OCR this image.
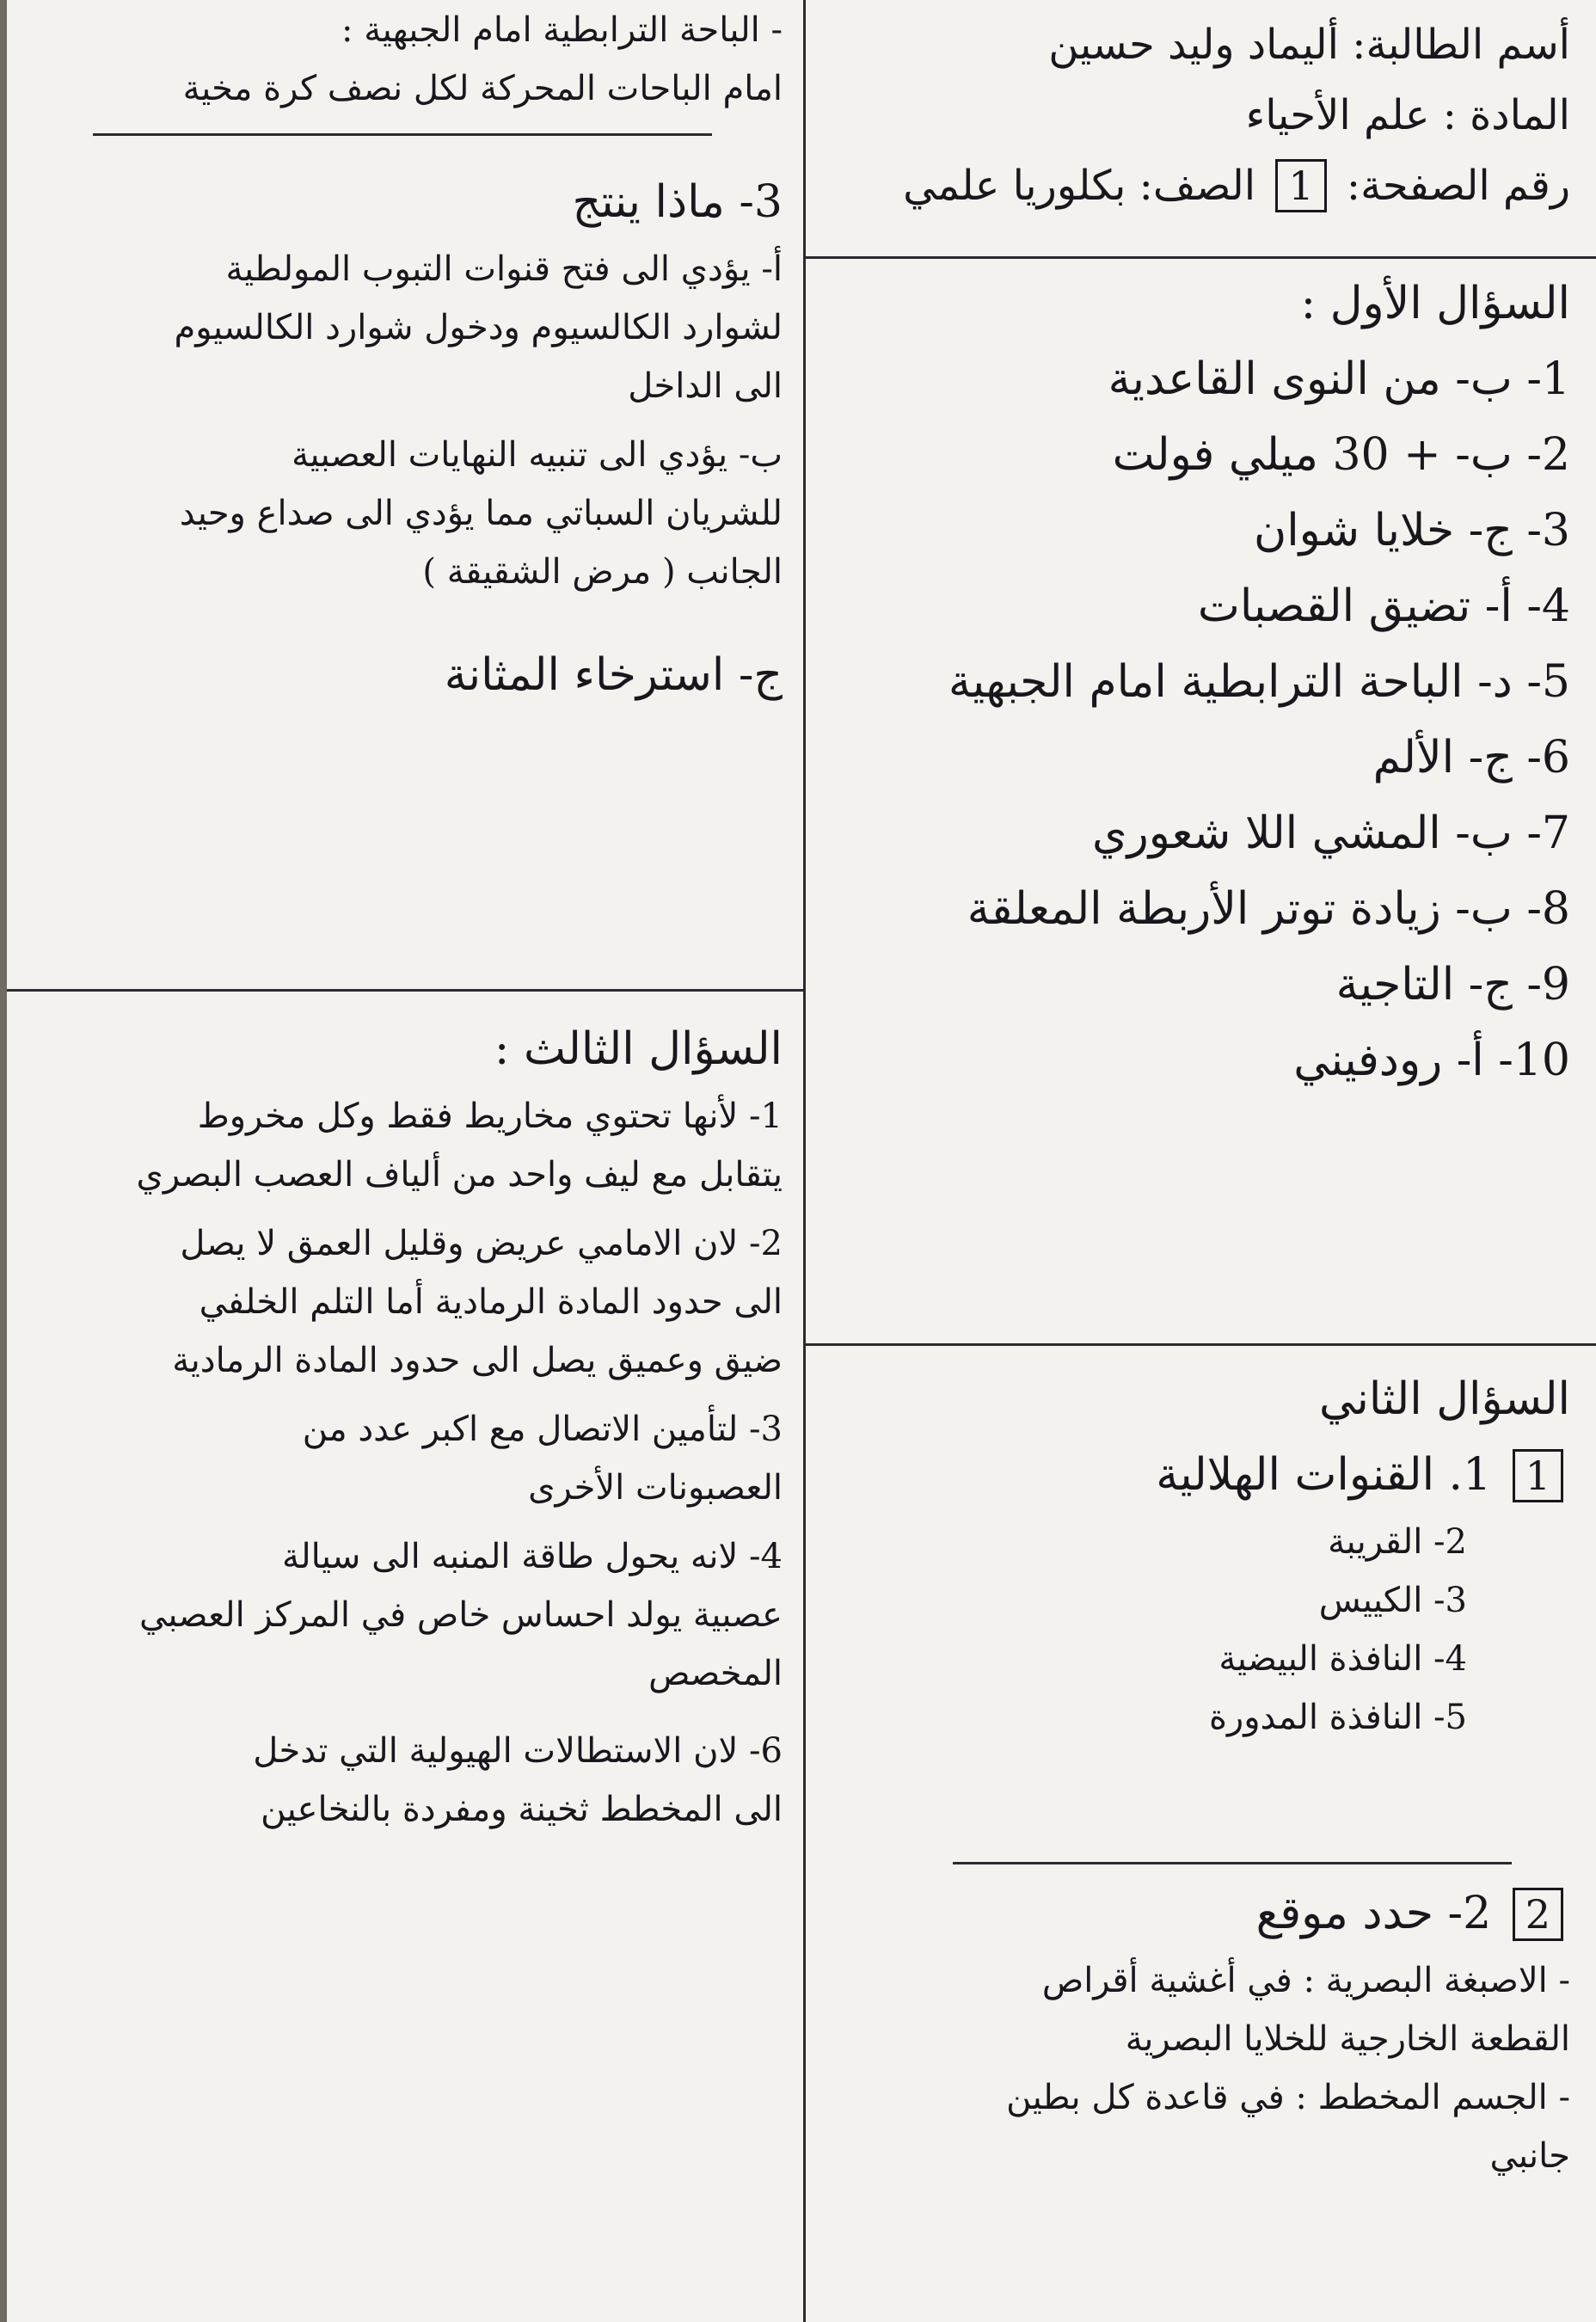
أسم الطالبة: أليماد وليد حسين
المادة : علم الأحياء
رقم الصفحة: 1 الصف: بكلوريا علمي
السؤال الأول :
1- ب- من النوى القاعدية
2- ب- + 30 ميلي فولت
3- ج- خلايا شوان
4- أ- تضيق القصبات
5- د- الباحة الترابطية امام الجبهية
6- ج- الألم
7- ب- المشي اللا شعوري
8- ب- زيادة توتر الأربطة المعلقة
9- ج- التاجية
10- أ- رودفيني
السؤال الثاني
1 1. القنوات الهلالية
2- القريبة
3- الكييس
4- النافذة البيضية
5- النافذة المدورة
2 2- حدد موقع
- الاصبغة البصرية : في أغشية أقراص
القطعة الخارجية للخلايا البصرية
- الجسم المخطط : في قاعدة كل بطين
جانبي
- الباحة الترابطية امام الجبهية :
امام الباحات المحركة لكل نصف كرة مخية
3- ماذا ينتج
أ- يؤدي الى فتح قنوات التبوب المولطية
لشوارد الكالسيوم ودخول شوارد الكالسيوم
الى الداخل
ب- يؤدي الى تنبيه النهايات العصبية
للشريان السباتي مما يؤدي الى صداع وحيد
الجانب ( مرض الشقيقة )
ج- استرخاء المثانة
السؤال الثالث :
1- لأنها تحتوي مخاريط فقط وكل مخروط
يتقابل مع ليف واحد من ألياف العصب البصري
2- لان الامامي عريض وقليل العمق لا يصل
الى حدود المادة الرمادية أما التلم الخلفي
ضيق وعميق يصل الى حدود المادة الرمادية
3- لتأمين الاتصال مع اكبر عدد من
العصبونات الأخرى
4- لانه يحول طاقة المنبه الى سيالة
عصبية يولد احساس خاص في المركز العصبي
المخصص
6- لان الاستطالات الهيولية التي تدخل
الى المخطط ثخينة ومفردة بالنخاعين
